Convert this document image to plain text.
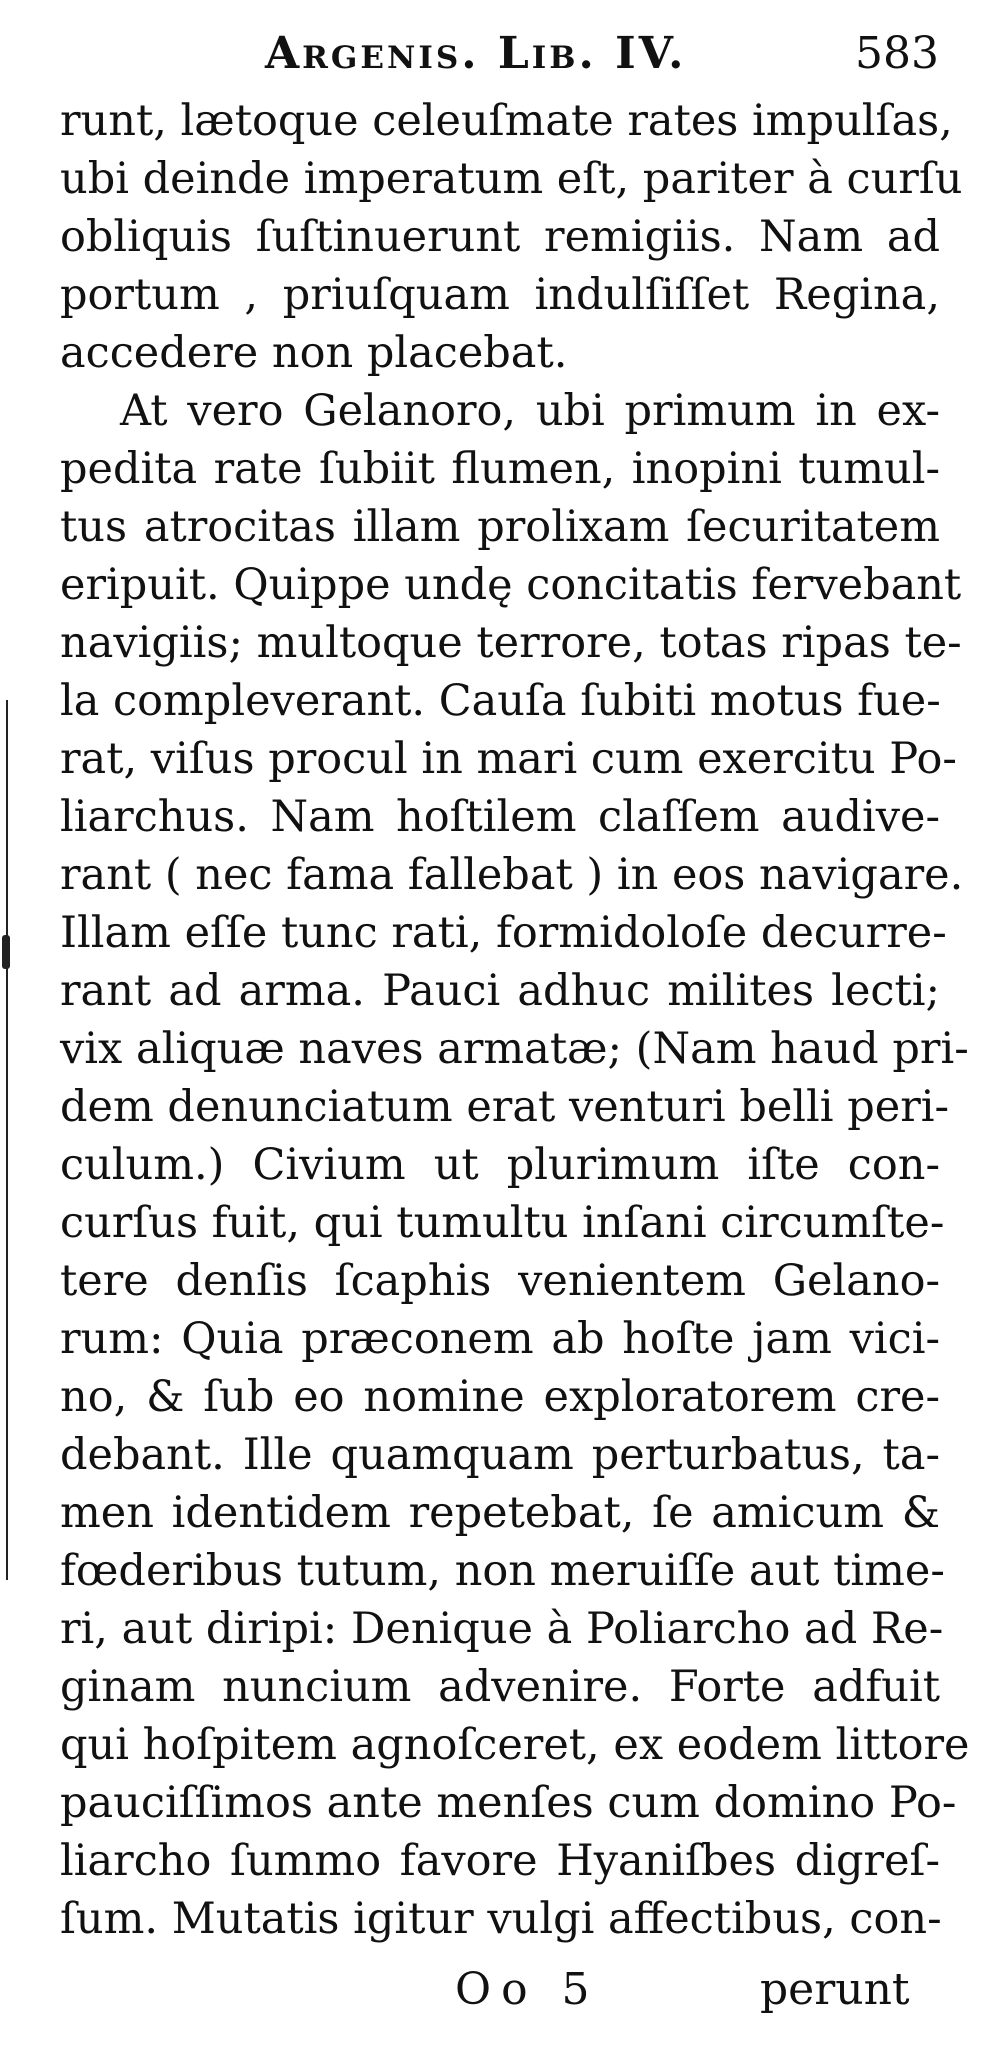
Argenis. Lib. IV.	583
runt, lætoque celeuſmate rates impulſas,
ubi deinde imperatum eſt, pariter à curſu
obliquis ſuſtinuerunt remigiis. Nam ad
portum , priuſquam indulſiſſet Regina,
accedere non placebat.
At vero Gelanoro, ubi primum in ex-
pedita rate ſubiit flumen, inopini tumul-
tus atrocitas illam prolixam ſecuritatem
eripuit. Quippe undę concitatis fervebant
navigiis; multoque terrore, totas ripas te-
la compleverant. Cauſa ſubiti motus fue-
rat, viſus procul in mari cum exercitu Po-
liarchus. Nam hoſtilem claſſem audive-
rant ( nec fama fallebat ) in eos navigare.
Illam eſſe tunc rati, formidoloſe decurre-
rant ad arma. Pauci adhuc milites lecti;
vix aliquæ naves armatæ; (Nam haud pri-
dem denunciatum erat venturi belli peri-
culum.) Civium ut plurimum iſte con-
curſus fuit, qui tumultu inſani circumſte-
tere denſis ſcaphis venientem Gelano-
rum: Quia præconem ab hoſte jam vici-
no, & ſub eo nomine exploratorem cre-
debant. Ille quamquam perturbatus, ta-
men identidem repetebat, ſe amicum &
fœderibus tutum, non meruiſſe aut time-
ri, aut diripi: Denique à Poliarcho ad Re-
ginam nuncium advenire. Forte adfuit
qui hoſpitem agnoſceret, ex eodem littore
pauciſſimos ante menſes cum domino Po-
liarcho ſummo favore Hyaniſbes digreſ-
ſum. Mutatis igitur vulgi affectibus, con-
Oo 5	perunt
